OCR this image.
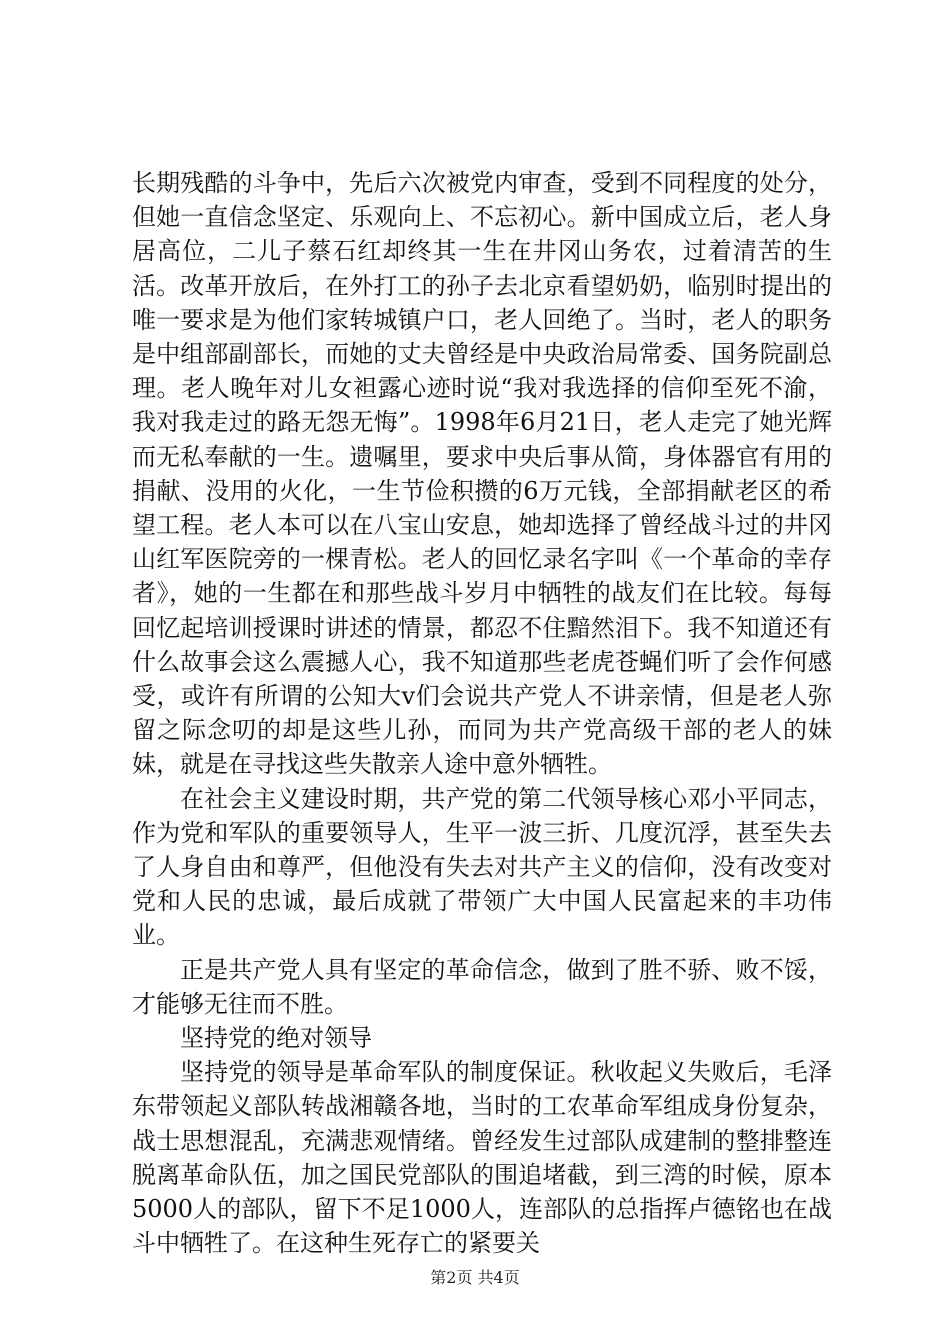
长期残酷的斗争中，先后六次被党内审查，受到不同程度的处分，但她一直信念坚定、乐观向上、不忘初心。新中国成立后，老人身居高位，二儿子蔡石红却终其一生在井冈山务农，过着清苦的生活。改革开放后，在外打工的孙子去北京看望奶奶，临别时提出的唯一要求是为他们家转城镇户口，老人回绝了。当时，老人的职务是中组部副部长，而她的丈夫曾经是中央政治局常委、国务院副总理。老人晚年对儿女袒露心迹时说“我对我选择的信仰至死不渝，我对我走过的路无怨无悔”。1998年6月21日，老人走完了她光辉而无私奉献的一生。遗嘱里，要求中央后事从简，身体器官有用的捐献、没用的火化，一生节俭积攒的6万元钱，全部捐献老区的希望工程。老人本可以在八宝山安息，她却选择了曾经战斗过的井冈山红军医院旁的一棵青松。老人的回忆录名字叫《一个革命的幸存者》，她的一生都在和那些战斗岁月中牺牲的战友们在比较。每每回忆起培训授课时讲述的情景，都忍不住黯然泪下。我不知道还有什么故事会这么震撼人心，我不知道那些老虎苍蝇们听了会作何感受，或许有所谓的公知大v们会说共产党人不讲亲情，但是老人弥留之际念叨的却是这些儿孙，而同为共产党高级干部的老人的妹妹，就是在寻找这些失散亲人途中意外牺牲。

在社会主义建设时期，共产党的第二代领导核心邓小平同志，作为党和军队的重要领导人，生平一波三折、几度沉浮，甚至失去了人身自由和尊严，但他没有失去对共产主义的信仰，没有改变对党和人民的忠诚，最后成就了带领广大中国人民富起来的丰功伟业。

正是共产党人具有坚定的革命信念，做到了胜不骄、败不馁，才能够无往而不胜。

坚持党的绝对领导

坚持党的领导是革命军队的制度保证。秋收起义失败后，毛泽东带领起义部队转战湘赣各地，当时的工农革命军组成身份复杂，战士思想混乱，充满悲观情绪。曾经发生过部队成建制的整排整连脱离革命队伍，加之国民党部队的围追堵截，到三湾的时候，原本5000人的部队，留下不足1000人，连部队的总指挥卢德铭也在战斗中牺牲了。在这种生死存亡的紧要关

第2页 共4页
